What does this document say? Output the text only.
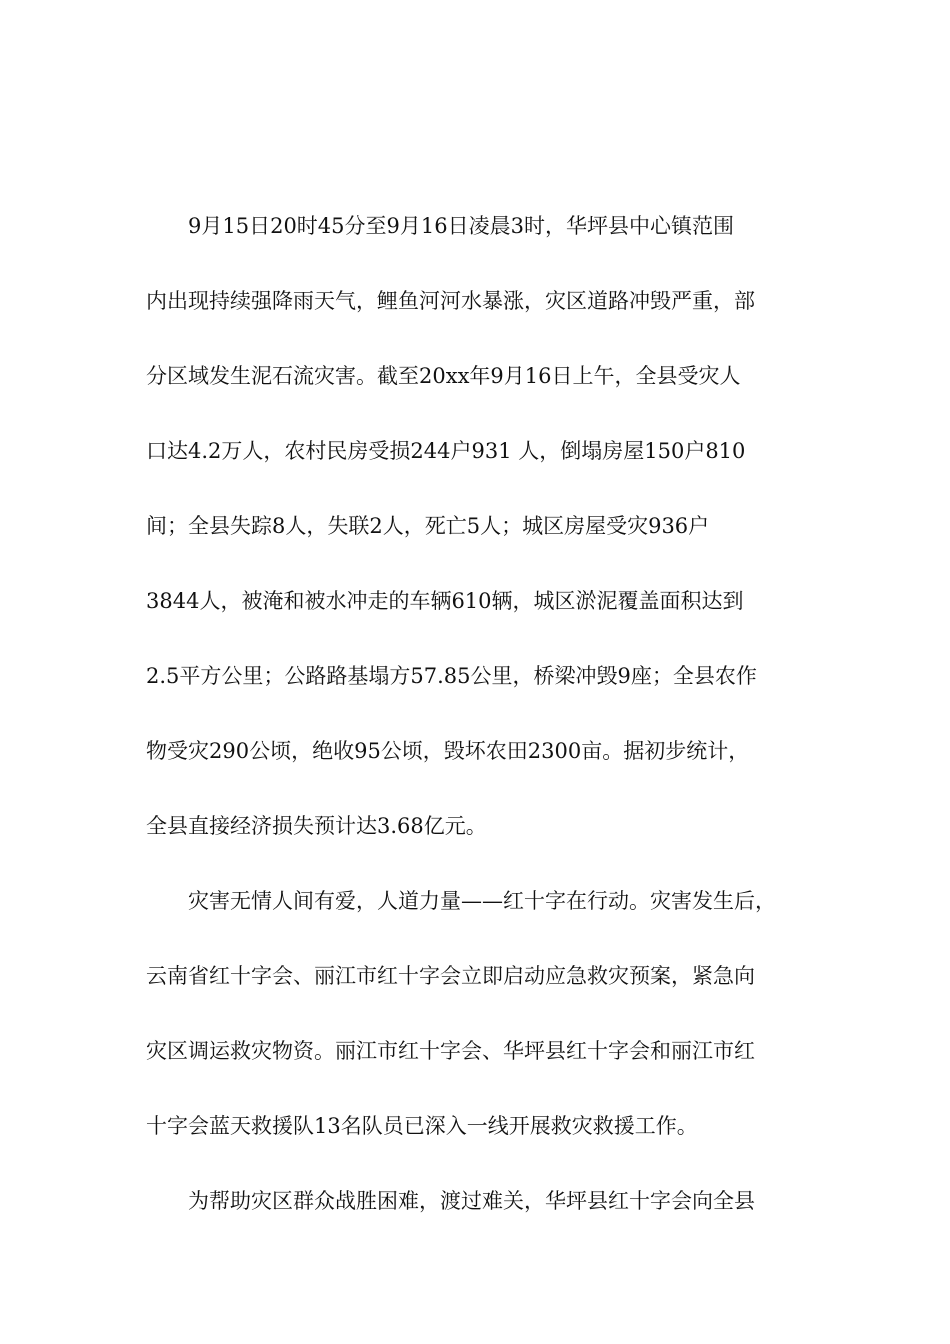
9月15日20时45分至9月16日凌晨3时，华坪县中心镇范围

内出现持续强降雨天气，鲤鱼河河水暴涨，灾区道路冲毁严重，部

分区域发生泥石流灾害。截至20xx年9月16日上午，全县受灾人

口达4.2万人，农村民房受损244户931 人，倒塌房屋150户810

间；全县失踪8人，失联2人，死亡5人；城区房屋受灾936户

3844人，被淹和被水冲走的车辆610辆，城区淤泥覆盖面积达到

2.5平方公里；公路路基塌方57.85公里，桥梁冲毁9座；全县农作

物受灾290公顷，绝收95公顷，毁坏农田2300亩。据初步统计，

全县直接经济损失预计达3.68亿元。

灾害无情人间有爱，人道力量——红十字在行动。灾害发生后，

云南省红十字会、丽江市红十字会立即启动应急救灾预案，紧急向

灾区调运救灾物资。丽江市红十字会、华坪县红十字会和丽江市红

十字会蓝天救援队13名队员已深入一线开展救灾救援工作。

为帮助灾区群众战胜困难，渡过难关，华坪县红十字会向全县
